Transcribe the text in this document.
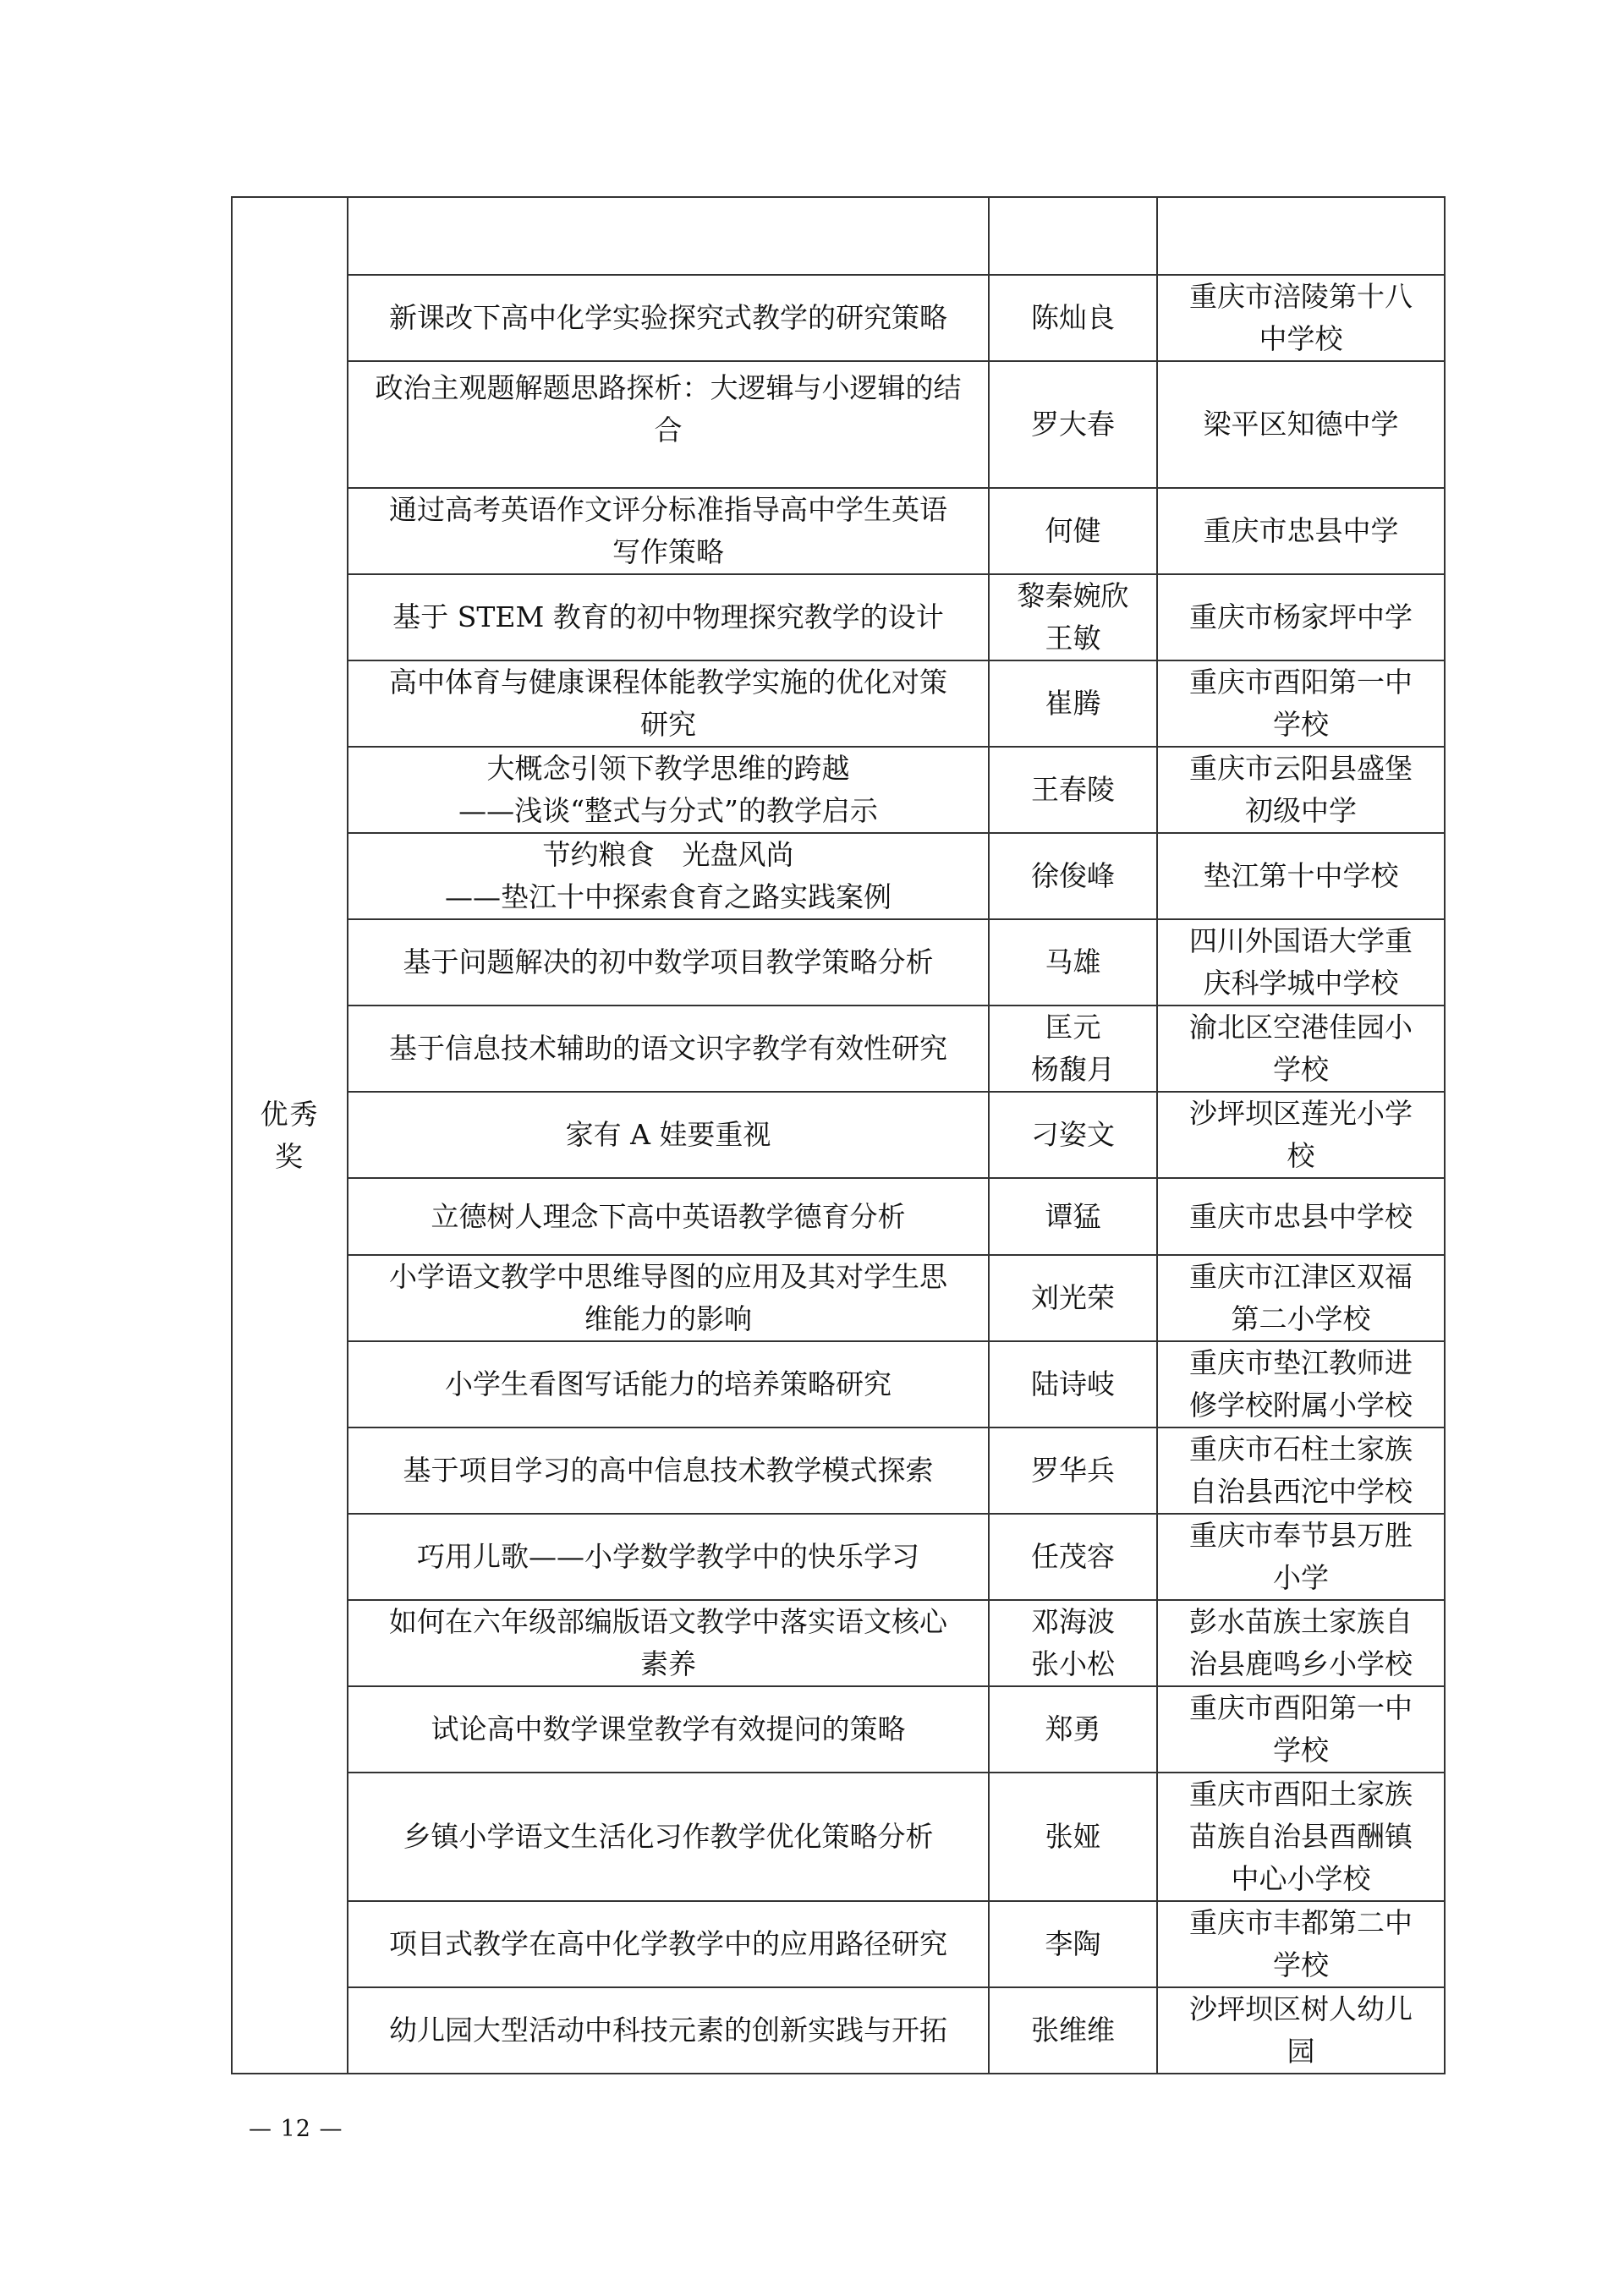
优秀奖			

	新课改下高中化学实验探究式教学的研究策略	陈灿良	重庆市涪陵第十八
中学校

	政治主观题解题思路探析：大逻辑与小逻辑的结
合	罗大春	梁平区知德中学

	通过高考英语作文评分标准指导高中学生英语
写作策略	何健	重庆市忠县中学

	基于 STEM 教育的初中物理探究教学的设计	黎秦婉欣
王敏	重庆市杨家坪中学

	高中体育与健康课程体能教学实施的优化对策
研究	崔腾	重庆市酉阳第一中
学校

	大概念引领下教学思维的跨越
——浅谈“整式与分式”的教学启示	王春陵	重庆市云阳县盛堡
初级中学

	节约粮食　光盘风尚
——垫江十中探索食育之路实践案例	徐俊峰	垫江第十中学校

	基于问题解决的初中数学项目教学策略分析	马雄	四川外国语大学重
庆科学城中学校

	基于信息技术辅助的语文识字教学有效性研究	匡元
杨馥月	渝北区空港佳园小
学校

	家有 A 娃要重视	刁姿文	沙坪坝区莲光小学
校

	立德树人理念下高中英语教学德育分析	谭猛	重庆市忠县中学校

	小学语文教学中思维导图的应用及其对学生思
维能力的影响	刘光荣	重庆市江津区双福
第二小学校

	小学生看图写话能力的培养策略研究	陆诗岐	重庆市垫江教师进
修学校附属小学校

	基于项目学习的高中信息技术教学模式探索	罗华兵	重庆市石柱土家族
自治县西沱中学校

	巧用儿歌——小学数学教学中的快乐学习	任茂容	重庆市奉节县万胜
小学

	如何在六年级部编版语文教学中落实语文核心
素养	邓海波
张小松	彭水苗族土家族自
治县鹿鸣乡小学校

	试论高中数学课堂教学有效提问的策略	郑勇	重庆市酉阳第一中
学校

	乡镇小学语文生活化习作教学优化策略分析	张娅	重庆市酉阳土家族
苗族自治县酉酬镇
中心小学校

	项目式教学在高中化学教学中的应用路径研究	李陶	重庆市丰都第二中
学校

	幼儿园大型活动中科技元素的创新实践与开拓	张维维	沙坪坝区树人幼儿
园
— 12 —
